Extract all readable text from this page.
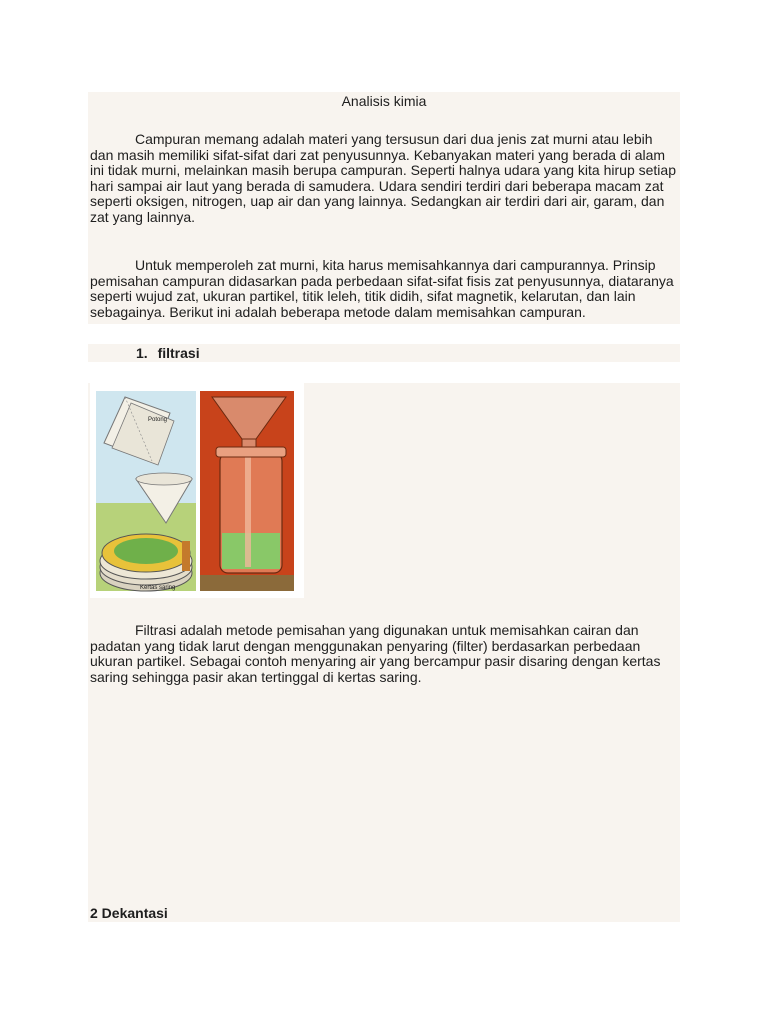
Analisis kimia

Campuran memang adalah materi yang tersusun dari dua jenis zat murni atau lebih dan masih memiliki sifat-sifat dari zat penyusunnya. Kebanyakan materi yang berada di alam ini tidak murni, melainkan masih berupa campuran. Seperti halnya udara yang kita hirup setiap hari sampai air laut yang berada di samudera. Udara sendiri terdiri dari beberapa macam zat seperti oksigen, nitrogen, uap air dan yang lainnya. Sedangkan air terdiri dari air, garam, dan zat yang lainnya.

Untuk memperoleh zat murni, kita harus memisahkannya dari campurannya. Prinsip pemisahan campuran didasarkan pada perbedaan sifat-sifat fisis zat penyusunnya, diataranya seperti wujud zat, ukuran partikel, titik leleh, titik didih, sifat magnetik, kelarutan, dan lain sebagainya. Berikut ini adalah beberapa metode dalam memisahkan campuran.

1. filtrasi
Potong
Kertas saring

Filtrasi adalah metode pemisahan yang digunakan untuk memisahkan cairan dan padatan yang tidak larut dengan menggunakan penyaring (filter) berdasarkan perbedaan ukuran partikel. Sebagai contoh menyaring air yang bercampur pasir disaring dengan kertas saring sehingga pasir akan tertinggal di kertas saring.

2 Dekantasi
